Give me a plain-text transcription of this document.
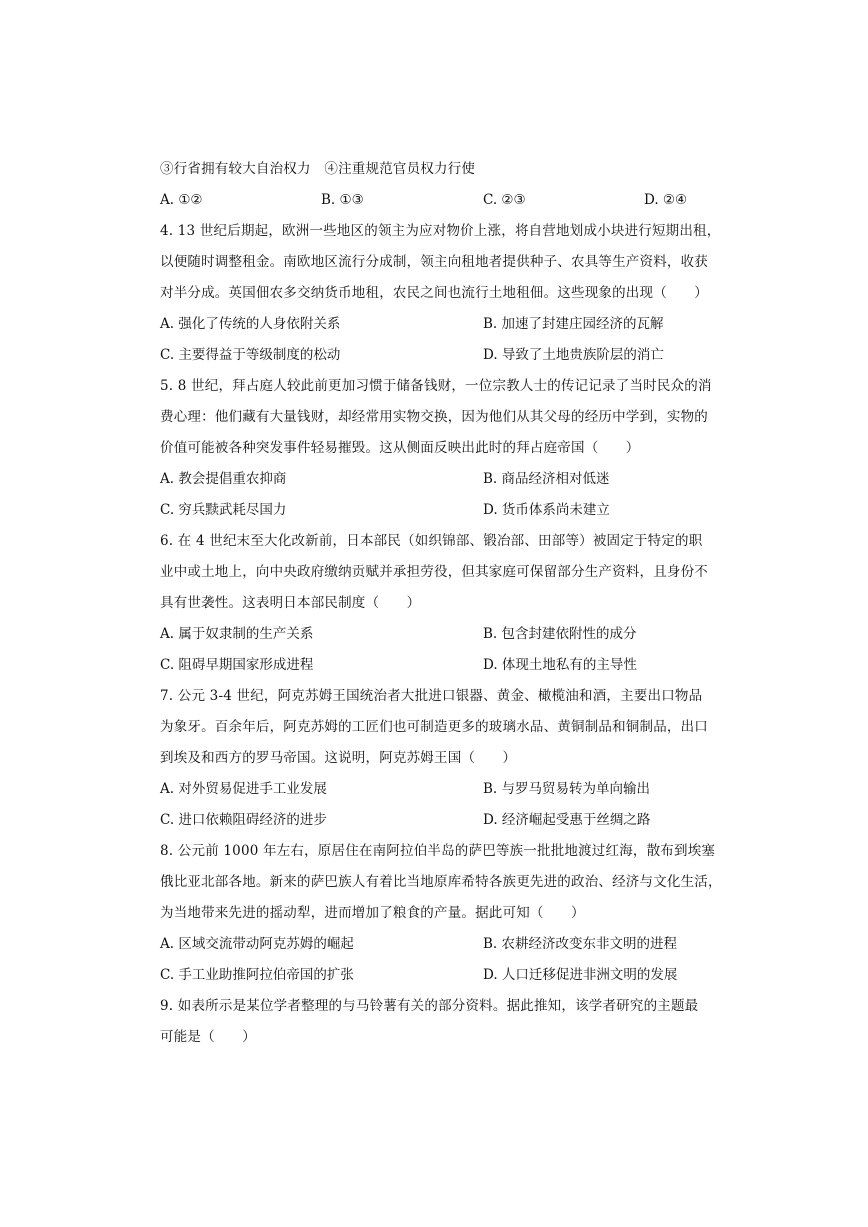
③行省拥有较大自治权力　④注重规范官员权力行使
A. ①②	B. ①③	C. ②③	D. ②④
4. 13 世纪后期起，欧洲一些地区的领主为应对物价上涨，将自营地划成小块进行短期出租，
以便随时调整租金。南欧地区流行分成制，领主向租地者提供种子、农具等生产资料，收获
对半分成。英国佃农多交纳货币地租，农民之间也流行土地租佃。这些现象的出现（　　）
A. 强化了传统的人身依附关系	B. 加速了封建庄园经济的瓦解
C. 主要得益于等级制度的松动	D. 导致了土地贵族阶层的消亡
5. 8 世纪，拜占庭人较此前更加习惯于储备钱财，一位宗教人士的传记记录了当时民众的消
费心理：他们藏有大量钱财，却经常用实物交换，因为他们从其父母的经历中学到，实物的
价值可能被各种突发事件轻易摧毁。这从侧面反映出此时的拜占庭帝国（　　）
A. 教会提倡重农抑商	B. 商品经济相对低迷
C. 穷兵黩武耗尽国力	D. 货币体系尚未建立
6. 在 4 世纪末至大化改新前，日本部民（如织锦部、锻冶部、田部等）被固定于特定的职
业中或土地上，向中央政府缴纳贡赋并承担劳役，但其家庭可保留部分生产资料，且身份不
具有世袭性。这表明日本部民制度（　　）
A. 属于奴隶制的生产关系	B. 包含封建依附性的成分
C. 阻碍早期国家形成进程	D. 体现土地私有的主导性
7. 公元 3-4 世纪，阿克苏姆王国统治者大批进口银器、黄金、橄榄油和酒，主要出口物品
为象牙。百余年后，阿克苏姆的工匠们也可制造更多的玻璃水品、黄铜制品和铜制品，出口
到埃及和西方的罗马帝国。这说明，阿克苏姆王国（　　）
A. 对外贸易促进手工业发展	B. 与罗马贸易转为单向输出
C. 进口依赖阻碍经济的进步	D. 经济崛起受惠于丝绸之路
8. 公元前 1000 年左右，原居住在南阿拉伯半岛的萨巴等族一批批地渡过红海，散布到埃塞
俄比亚北部各地。新来的萨巴族人有着比当地原库希特各族更先进的政治、经济与文化生活，
为当地带来先进的摇动犁，进而增加了粮食的产量。据此可知（　　）
A. 区域交流带动阿克苏姆的崛起	B. 农耕经济改变东非文明的进程
C. 手工业助推阿拉伯帝国的扩张	D. 人口迁移促进非洲文明的发展
9. 如表所示是某位学者整理的与马铃薯有关的部分资料。据此推知，该学者研究的主题最
可能是（　　）
